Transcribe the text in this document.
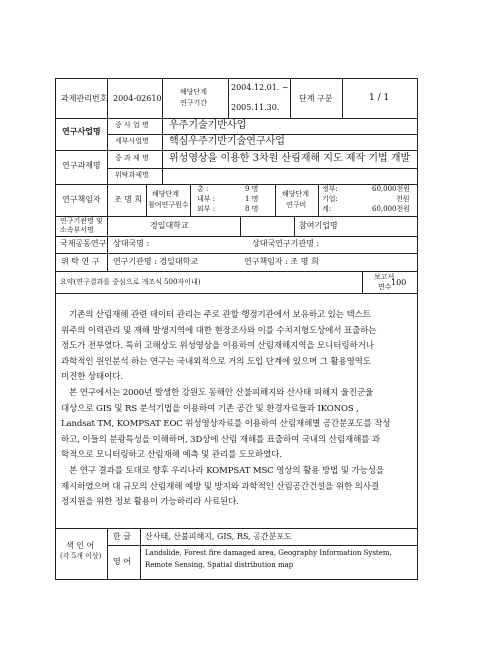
과제관리번호 2004-02610
해당단계
연구기간
2004.12.01. ~
2005.11.30.
단계 구분	1 / 1
연구사업명
중 사 업 명 우주기술기반사업
세부사업명 핵심우주기반기술연구사업
연구과제명
중 과 제 명 위성영상을 이용한 3차원 산림재해 지도 제작 기법 개발
위탁과제명
연구책임자 조 명 희
해당단계
참여연구원수
총 :	9 명
내부 :	1 명
외부 :	8 명
해당단계
연구비
정부:	60,000천원
기업:	천원
계:	60,000천원
연구기관명 및
소속부서명	경일대학교	참여기업명
국제공동연구 상대국명 :	상대국연구기관명 :
위 탁 연 구 연구기관명 : 경일대학교	연구책임자 : 조 명 희
요약(연구결과를 중심으로 개조식 500자이내)
보고서
면수 100
기존의 산림재해 관련 데이터 관리는 주로 관할 행정기관에서 보유하고 있는 텍스트
위주의 이력관리 및 재해 발생지역에 대한 현장조사와 이를 수치지형도상에서 표출하는
정도가 전부였다. 특히 고해상도 위성영상을 이용하여 산림재해지역을 모니터링하거나
과학적인 원인분석 하는 연구는 국내외적으로 거의 도입 단계에 있으며 그 활용영역도
미진한 상태이다.
본 연구에서는 2000년 발생한 강원도 동해안 산불피해지와 산사태 피해지 울진군울
대상으로 GIS 및 RS 분석기법을 이용하여 기존 공간 및 환경자료들과 IKONOS ,
Landsat TM, KOMPSAT EOC 위성영상자료를 이용하여 산림재해별 공간분포도를 작성
하고, 이들의 분광특성을 이해하며, 3D상에 산림 재해를 표출하여 국내의 산림재해를 과
학적으로 모니터링하고 산림재해 예측 및 관리를 도모하였다.
본 연구 결과를 토대로 향후 우리나라 KOMPSAT MSC 영상의 활용 방법 및 가능성을
제시하였으며 대 규모의 산림재해 예방 및 방지와 과학적인 산림공간건설을 위한 의사결
정지원을 위한 정보 활용이 가능하리라 사료된다.
색 인 어
(각 5개 이상)
한 글 산사태, 산불피해지, GIS, RS, 공간분포도
영 어
Landslide, Forest fire damaged area, Geography Information System,
Remote Sensing, Spatial distribution map
